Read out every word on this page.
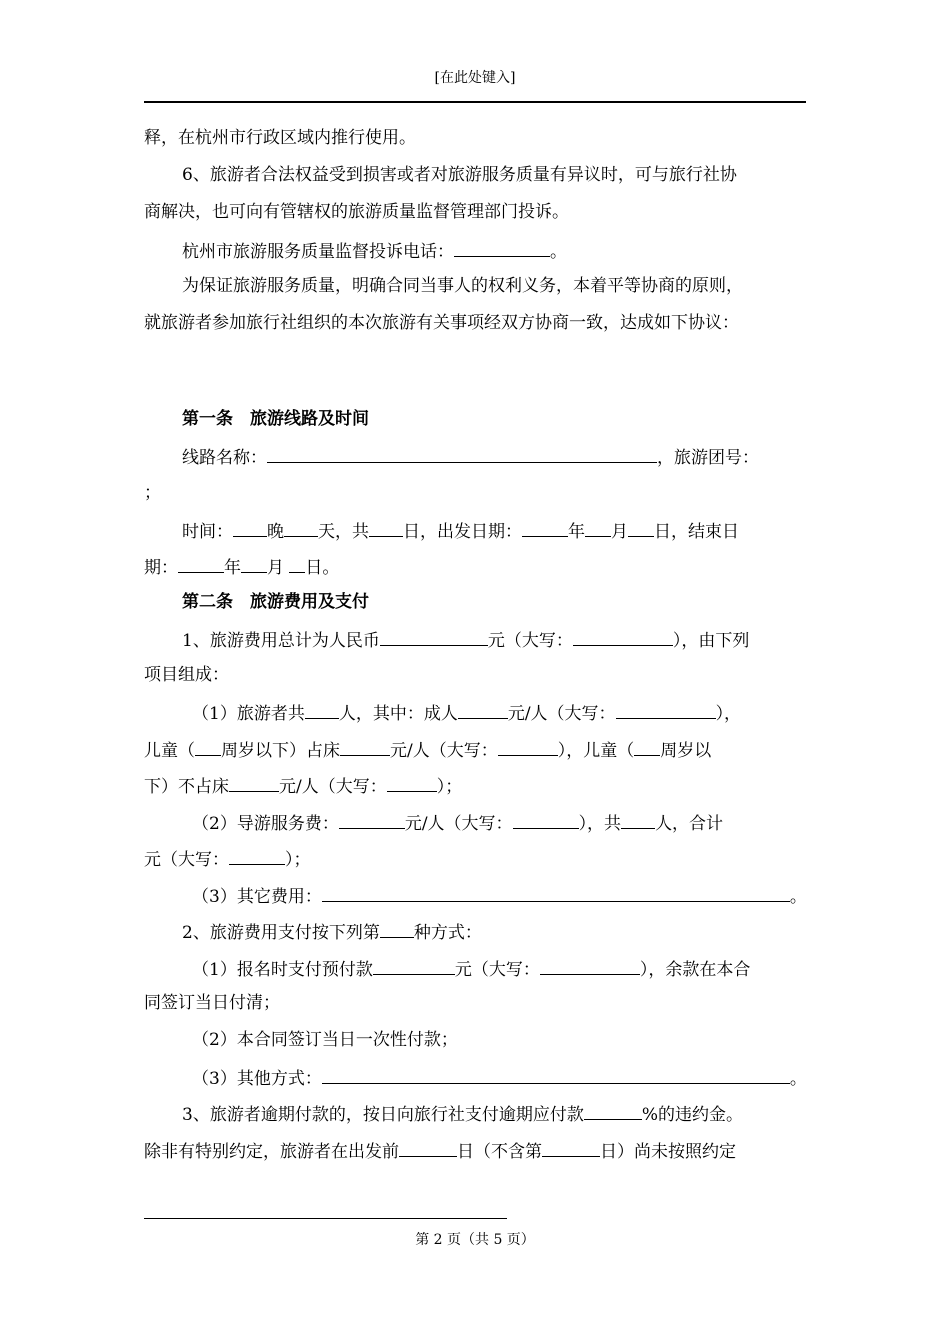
[在此处键入]
释，在杭州市行政区域内推行使用。
6、旅游者合法权益受到损害或者对旅游服务质量有异议时，可与旅行社协
商解决，也可向有管辖权的旅游质量监督管理部门投诉。
杭州市旅游服务质量监督投诉电话：	。
为保证旅游服务质量，明确合同当事人的权利义务，本着平等协商的原则，
就旅游者参加旅行社组织的本次旅游有关事项经双方协商一致，达成如下协议：
第一条　旅游线路及时间
线路名称：	，旅游团号：
；
时间： 晚 天，共 日，出发日期：	年 月 日，结束日
期：	年 月 日。
第二条　旅游费用及支付
1、旅游费用总计为人民币	元（大写：	），由下列
项目组成：
（1）旅游者共 人，其中：成人	元/人（大写：	），
儿童（ 周岁以下）占床	元/人（大写：	），儿童（ 周岁以
下）不占床	元/人（大写：	）；
（2）导游服务费：	元/人（大写：	），共 人，合计
元（大写：	）；
（3）其它费用：	。
2、旅游费用支付按下列第 种方式：
（1）报名时支付预付款	元（大写：	），余款在本合
同签订当日付清；
（2）本合同签订当日一次性付款；
（3）其他方式：	。
3、旅游者逾期付款的，按日向旅行社支付逾期应付款	%的违约金。
除非有特别约定，旅游者在出发前	日（不含第	日）尚未按照约定
第 2 页（共 5 页）
